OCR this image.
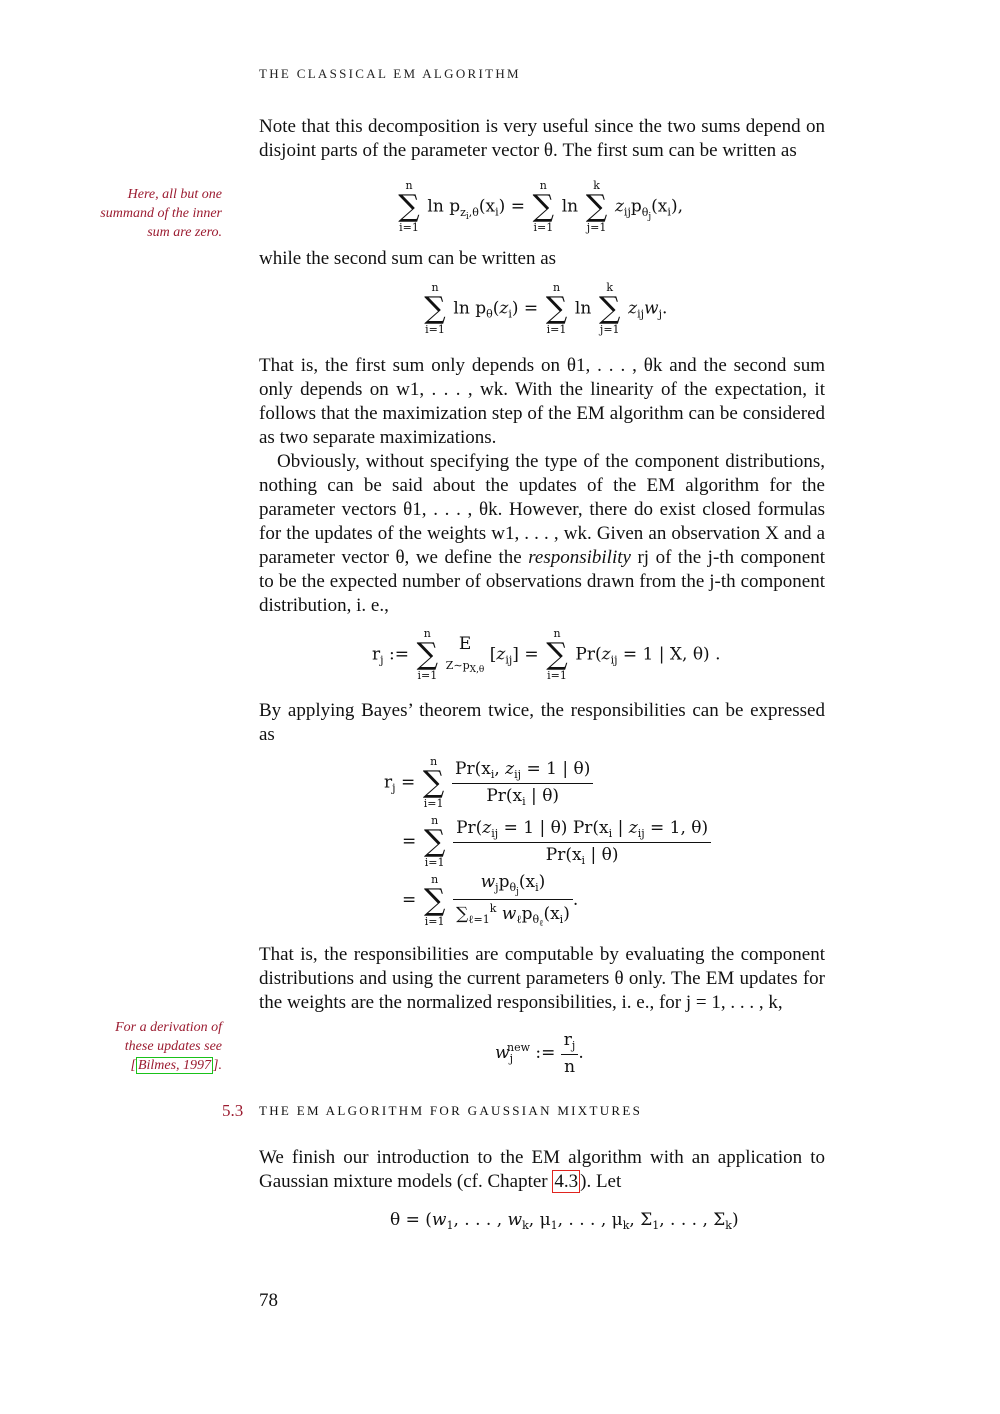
THE CLASSICAL EM ALGORITHM
Note that this decomposition is very useful since the two sums depend on disjoint parts of the parameter vector θ. The first sum can be written as
Here, all but one summand of the inner sum are zero.
n
∑
i=1
$\ln p_{z_i,\theta}(x_i)$ =
n
∑
i=1
ln
k
∑
j=1
$z_{ij}p_{\theta_j}(x_i)$,
while the second sum can be written as
n
∑
i=1
$\ln p_\theta(z_i)$ =
n
∑
i=1
ln
k
∑
j=1
$z_{ij}w_j$.
That is, the first sum only depends on θ1, . . . , θk and the second sum only depends on w1, . . . , wk. With the linearity of the expectation, it follows that the maximization step of the EM algorithm can be considered as two separate maximizations.
Obviously, without specifying the type of the component distributions, nothing can be said about the updates of the EM algorithm for the parameter vectors θ1, . . . , θk. However, there do exist closed formulas for the updates of the weights w1, . . . , wk. Given an observation X and a parameter vector θ, we define the responsibility rj of the j-th component to be the expected number of observations drawn from the j-th component distribution, i. e.,
$r_j$ :=
n
∑
i=1
E
$Z\sim p_{X,\theta}$ $[z_{ij}]$ =
n
∑
i=1
$Pr(z_{ij} = 1$ | X, θ) .
By applying Bayes’ theorem twice, the responsibilities can be expressed as
$r_j$ =
n
∑
i=1
$\frac{Pr(x_i, z_{ij} = 1 | \theta)}{Pr(x_i | \theta)}$
=
n
∑
i=1
$\frac{Pr(z_{ij} = 1 | \theta) Pr(x_i | z_{ij} = 1, \theta)}{Pr(x_i | \theta)}$
=
n
∑
i=1
$\frac{w_jp_{\theta_j}(x_i)}{\sum_{\ell=1}^k w_\ell p_{\theta_\ell}(x_i)}$ .
That is, the responsibilities are computable by evaluating the component distributions and using the current parameters θ only. The EM updates for the weights are the normalized responsibilities, i. e., for j = 1, . . . , k,
For a derivation of these updates see [ Bilmes, 1997 ].
$w_j^{new}$ := $\frac{r_j}{n}$ .
5.3 THE EM ALGORITHM FOR GAUSSIAN MIXTURES
We finish our introduction to the EM algorithm with an application to Gaussian mixture models (cf. Chapter 4.3 ). Let
$\theta = (w_1$, . . . , $w_k$, $\mu_1$, . . . , $\mu_k$, $\Sigma_1$, . . . , $\Sigma_k$)
78
